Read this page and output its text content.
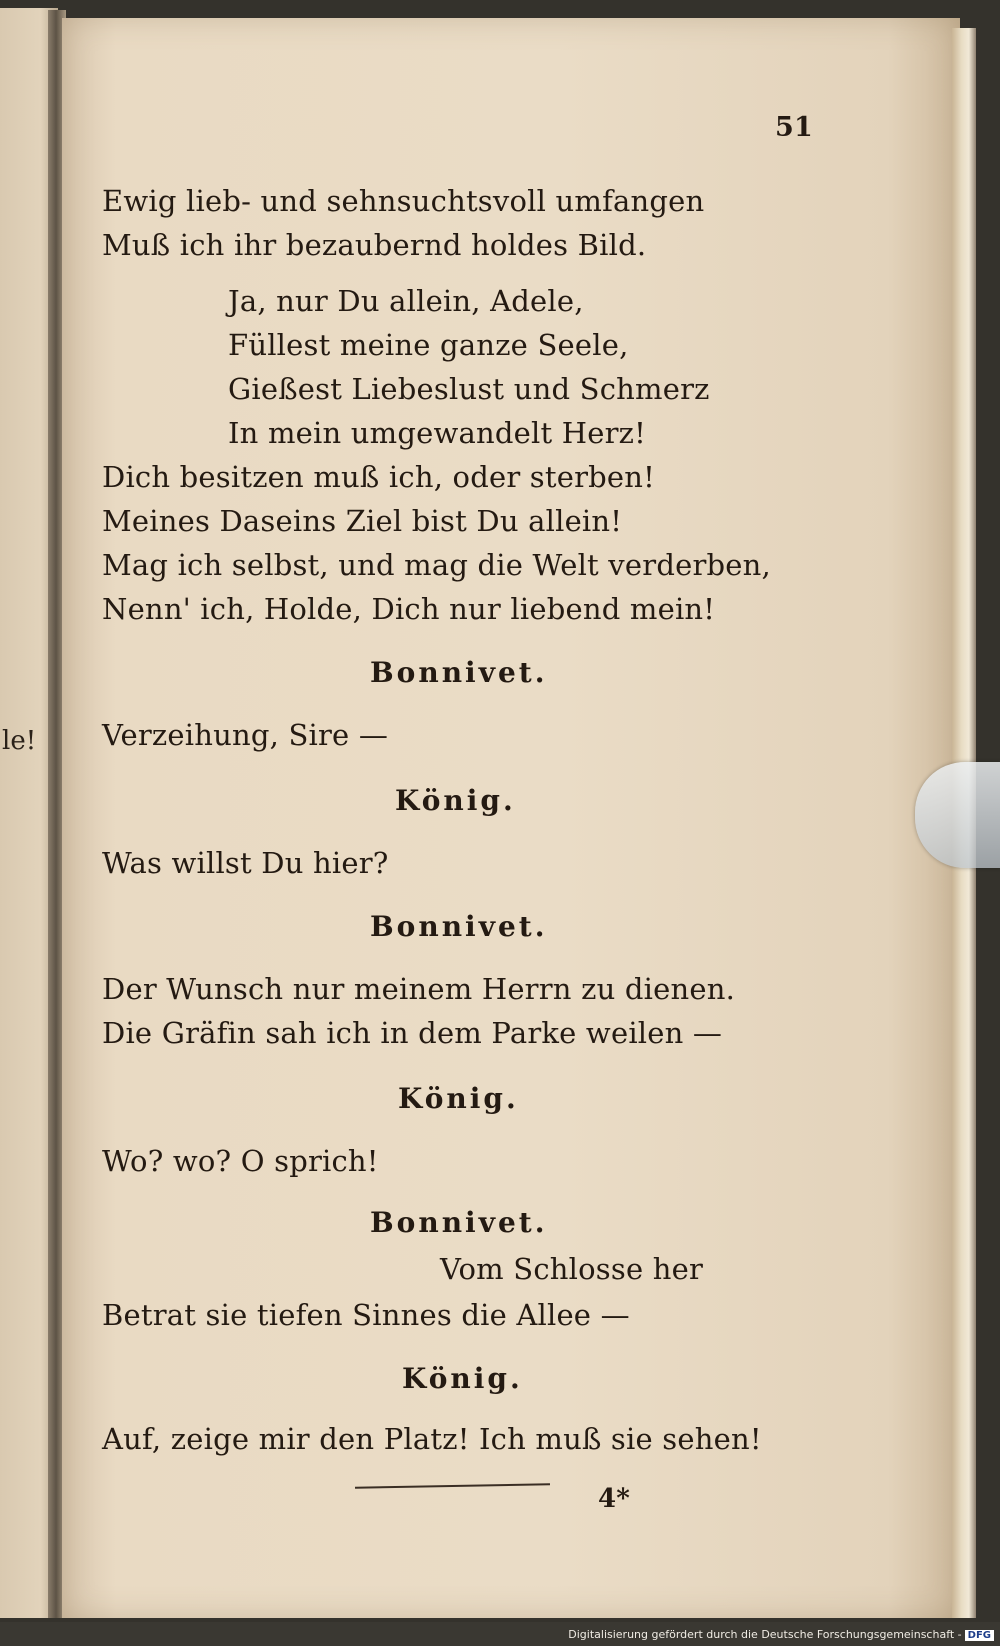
le!
51
Ewig lieb- und sehnsuchtsvoll umfangen
Muß ich ihr bezaubernd holdes Bild.
Ja, nur Du allein, Adele,
Füllest meine ganze Seele,
Gießest Liebeslust und Schmerz
In mein umgewandelt Herz!
Dich besitzen muß ich, oder sterben!
Meines Daseins Ziel bist Du allein!
Mag ich selbst, und mag die Welt verderben,
Nenn' ich, Holde, Dich nur liebend mein!
Bonnivet.
Verzeihung, Sire —
König.
Was willst Du hier?
Bonnivet.
Der Wunsch nur meinem Herrn zu dienen.
Die Gräfin sah ich in dem Parke weilen —
König.
Wo? wo? O sprich!
Bonnivet.
Vom Schlosse her
Betrat sie tiefen Sinnes die Allee —
König.
Auf, zeige mir den Platz! Ich muß sie sehen!
4*
Digitalisierung gefördert durch die Deutsche Forschungsgemeinschaft - DFG
